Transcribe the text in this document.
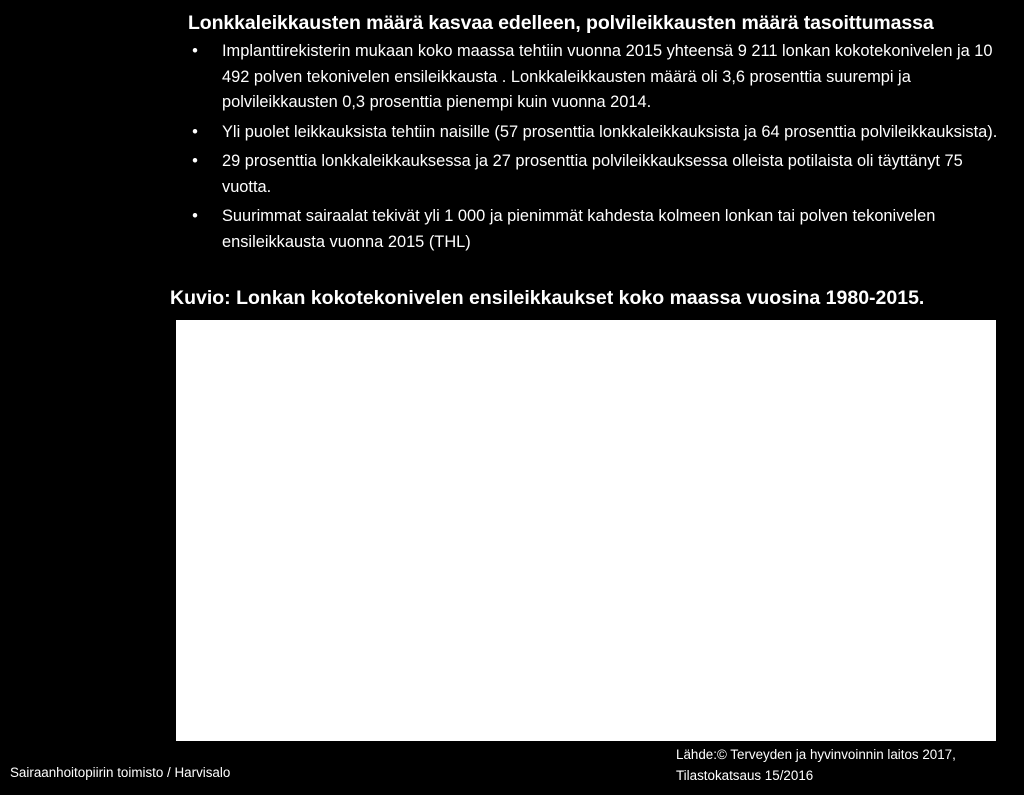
Lonkkaleikkausten määrä kasvaa edelleen, polvileikkausten määrä tasoittumassa
• Implanttirekisterin mukaan koko maassa tehtiin vuonna 2015 yhteensä 9 211 lonkan kokotekonivelen ja 10 492 polven tekonivelen ensileikkausta . Lonkkaleikkausten määrä oli 3,6 prosenttia suurempi ja polvileikkausten 0,3 prosenttia pienempi kuin vuonna 2014.
• Yli puolet leikkauksista tehtiin naisille (57 prosenttia lonkkaleikkauksista ja 64 prosenttia polvileikkauksista).
• 29 prosenttia lonkkaleikkauksessa ja 27 prosenttia polvileikkauksessa olleista potilaista oli täyttänyt 75 vuotta.
• Suurimmat sairaalat tekivät yli 1 000 ja pienimmät kahdesta kolmeen lonkan tai polven tekonivelen ensileikkausta vuonna 2015 (THL)
Kuvio: Lonkan kokotekonivelen ensileikkaukset koko maassa vuosina 1980-2015.
Sairaanhoitopiirin toimisto / Harvisalo
Lähde:© Terveyden ja hyvinvoinnin laitos 2017,
Tilastokatsaus 15/2016
